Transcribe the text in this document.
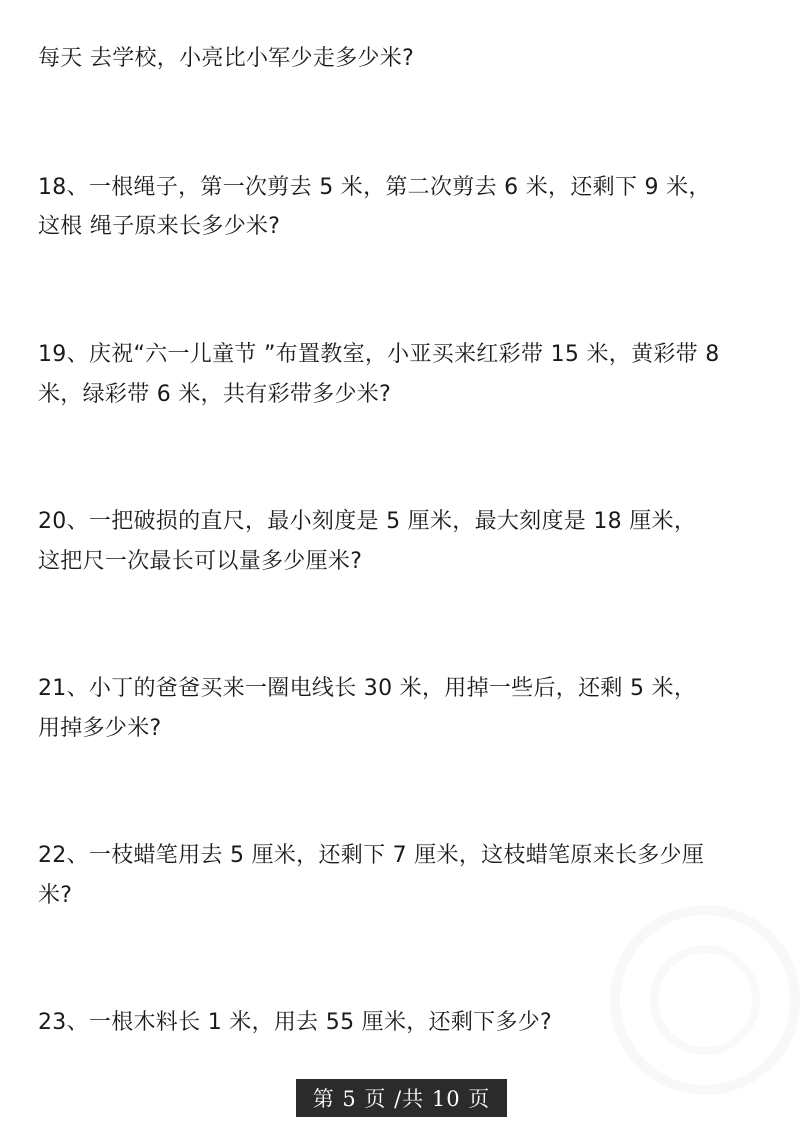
每天 去学校，小亮比小军少走多少米?
18、一根绳子，第一次剪去 5 米，第二次剪去 6 米，还剩下 9 米，
这根 绳子原来长多少米?
19、庆祝“六一儿童节 ”布置教室，小亚买来红彩带 15 米，黄彩带 8
米，绿彩带 6 米，共有彩带多少米?
20、一把破损的直尺，最小刻度是 5 厘米，最大刻度是 18 厘米，
这把尺一次最长可以量多少厘米?
21、小丁的爸爸买来一圈电线长 30 米，用掉一些后，还剩 5 米，
用掉多少米?
22、一枝蜡笔用去 5 厘米，还剩下 7 厘米，这枝蜡笔原来长多少厘
米?
23、一根木料长 1 米，用去 55 厘米，还剩下多少?
第 5 页 /共 10 页
